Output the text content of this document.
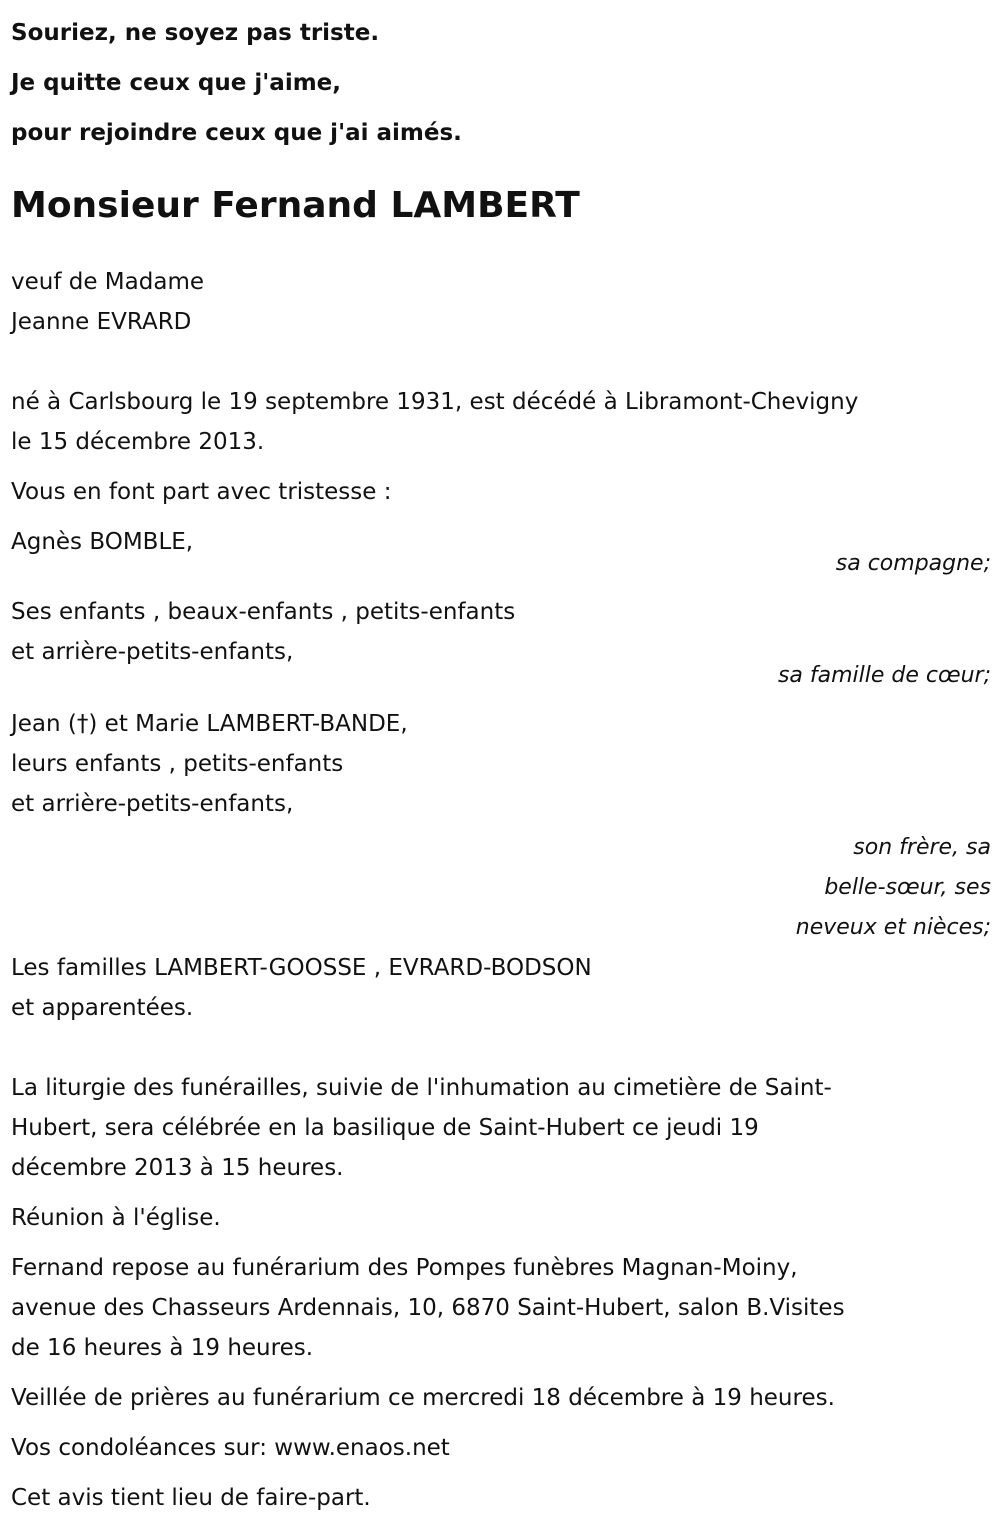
Souriez, ne soyez pas triste.
Je quitte ceux que j'aime,
pour rejoindre ceux que j'ai aimés.
Monsieur Fernand LAMBERT
veuf de Madame
Jeanne EVRARD
né à Carlsbourg le 19 septembre 1931, est décédé à Libramont-Chevigny
le 15 décembre 2013.
Vous en font part avec tristesse :
Agnès BOMBLE,
sa compagne;
Ses enfants , beaux-enfants , petits-enfants
et arrière-petits-enfants,
sa famille de cœur;
Jean (†) et Marie LAMBERT-BANDE,
leurs enfants , petits-enfants
et arrière-petits-enfants,
son frère, sa
belle-sœur, ses
neveux et nièces;
Les familles LAMBERT-GOOSSE , EVRARD-BODSON
et apparentées.
La liturgie des funérailles, suivie de l'inhumation au cimetière de Saint-
Hubert, sera célébrée en la basilique de Saint-Hubert ce jeudi 19
décembre 2013 à 15 heures.
Réunion à l'église.
Fernand repose au funérarium des Pompes funèbres Magnan-Moiny,
avenue des Chasseurs Ardennais, 10, 6870 Saint-Hubert, salon B.Visites
de 16 heures à 19 heures.
Veillée de prières au funérarium ce mercredi 18 décembre à 19 heures.
Vos condoléances sur: www.enaos.net
Cet avis tient lieu de faire-part.
